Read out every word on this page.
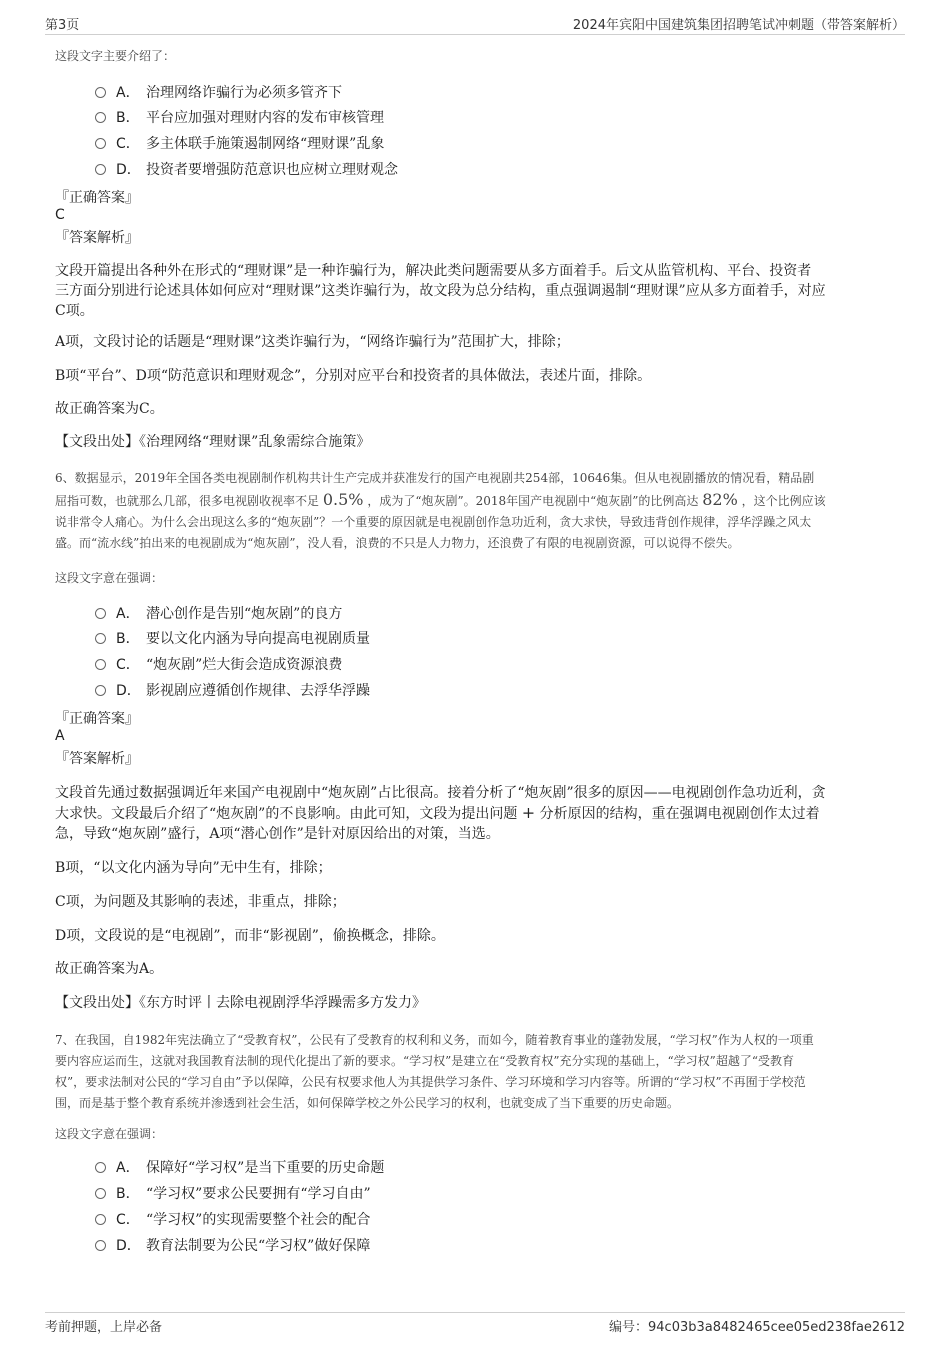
第3页	2024年宾阳中国建筑集团招聘笔试冲刺题（带答案解析）
这段文字主要介绍了：
A． 治理网络诈骗行为必须多管齐下
B． 平台应加强对理财内容的发布审核管理
C． 多主体联手施策遏制网络“理财课”乱象
D． 投资者要增强防范意识也应树立理财观念
『正确答案』
C
『答案解析』
文段开篇提出各种外在形式的“理财课”是一种诈骗行为，解决此类问题需要从多方面着手。后文从监管机构、平台、投资者
三方面分别进行论述具体如何应对“理财课”这类诈骗行为，故文段为总分结构，重点强调遏制“理财课”应从多方面着手，对应
C项。
A项，文段讨论的话题是“理财课”这类诈骗行为，“网络诈骗行为”范围扩大，排除；
B项“平台”、D项“防范意识和理财观念”，分别对应平台和投资者的具体做法，表述片面，排除。
故正确答案为C。
【文段出处】《治理网络“理财课”乱象需综合施策》
6、数据显示，2019年全国各类电视剧制作机构共计生产完成并获准发行的国产电视剧共254部，10646集。但从电视剧播放的情况看，精品剧
屈指可数，也就那么几部，很多电视剧收视率不足 0.5% ，成为了“炮灰剧”。2018年国产电视剧中“炮灰剧”的比例高达 82% ，这个比例应该
说非常令人痛心。为什么会出现这么多的“炮灰剧”？一个重要的原因就是电视剧创作急功近利，贪大求快，导致违背创作规律，浮华浮躁之风太
盛。而“流水线”拍出来的电视剧成为“炮灰剧”，没人看，浪费的不只是人力物力，还浪费了有限的电视剧资源，可以说得不偿失。
这段文字意在强调：
A． 潜心创作是告别“炮灰剧”的良方
B． 要以文化内涵为导向提高电视剧质量
C． “炮灰剧”烂大街会造成资源浪费
D． 影视剧应遵循创作规律、去浮华浮躁
『正确答案』
A
『答案解析』
文段首先通过数据强调近年来国产电视剧中“炮灰剧”占比很高。接着分析了“炮灰剧”很多的原因——电视剧创作急功近利，贪
大求快。文段最后介绍了“炮灰剧”的不良影响。由此可知，文段为提出问题 + 分析原因的结构，重在强调电视剧创作太过着
急，导致“炮灰剧”盛行，A项“潜心创作”是针对原因给出的对策，当选。
B项，“以文化内涵为导向”无中生有，排除；
C项，为问题及其影响的表述，非重点，排除；
D项，文段说的是“电视剧”，而非“影视剧”，偷换概念，排除。
故正确答案为A。
【文段出处】《东方时评丨去除电视剧浮华浮躁需多方发力》
7、在我国，自1982年宪法确立了“受教育权”，公民有了受教育的权利和义务，而如今，随着教育事业的蓬勃发展，“学习权”作为人权的一项重
要内容应运而生，这就对我国教育法制的现代化提出了新的要求。“学习权”是建立在“受教育权”充分实现的基础上，“学习权”超越了“受教育
权”，要求法制对公民的“学习自由”予以保障，公民有权要求他人为其提供学习条件、学习环境和学习内容等。所谓的“学习权”不再囿于学校范
围，而是基于整个教育系统并渗透到社会生活，如何保障学校之外公民学习的权利，也就变成了当下重要的历史命题。
这段文字意在强调：
A． 保障好“学习权”是当下重要的历史命题
B． “学习权”要求公民要拥有“学习自由”
C． “学习权”的实现需要整个社会的配合
D． 教育法制要为公民“学习权”做好保障
考前押题，上岸必备	编号：94c03b3a8482465cee05ed238fae2612
